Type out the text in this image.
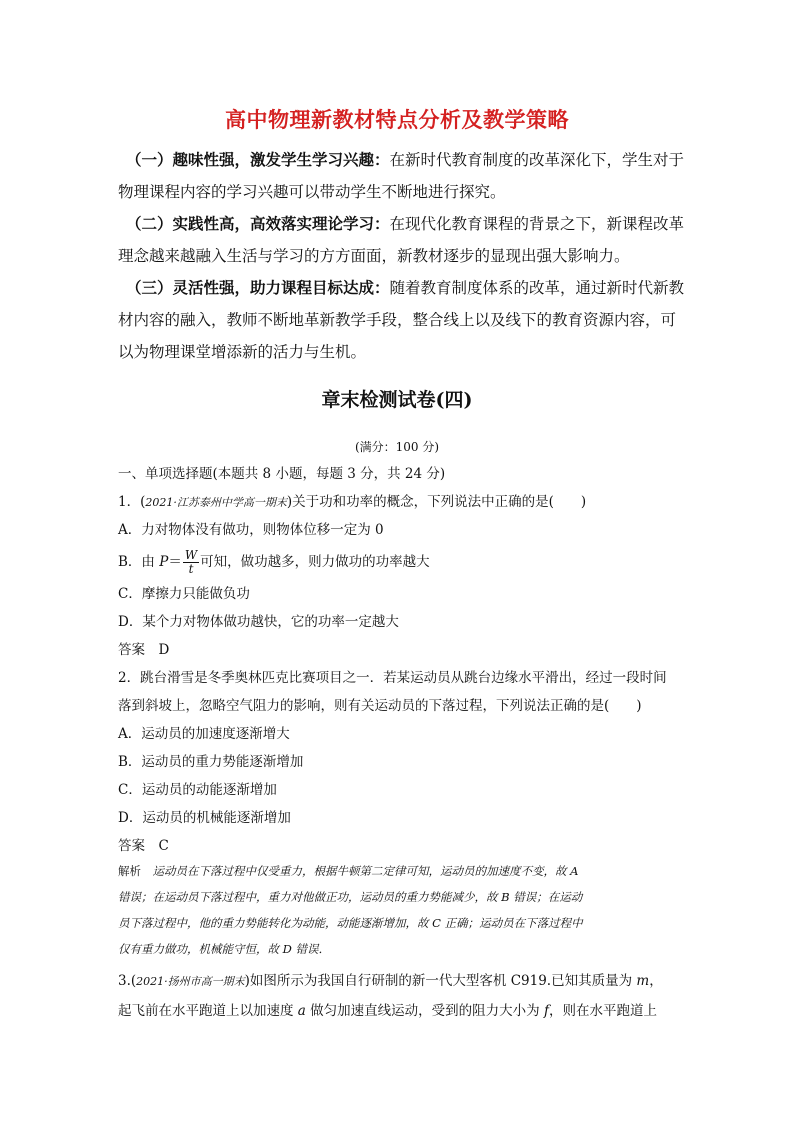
高中物理新教材特点分析及教学策略
（一）趣味性强，激发学生学习兴趣：在新时代教育制度的改革深化下，学生对于物理课程内容的学习兴趣可以带动学生不断地进行探究。
（二）实践性高，高效落实理论学习：在现代化教育课程的背景之下，新课程改革理念越来越融入生活与学习的方方面面，新教材逐步的显现出强大影响力。
（三）灵活性强，助力课程目标达成：随着教育制度体系的改革，通过新时代新教材内容的融入，教师不断地革新教学手段，整合线上以及线下的教育资源内容，可以为物理课堂增添新的活力与生机。
章末检测试卷(四)
(满分：100 分)
一、单项选择题(本题共 8 小题，每题 3 分，共 24 分)
1．(2021·江苏泰州中学高一期末)关于功和功率的概念，下列说法中正确的是(　　)
A．力对物体没有做功，则物体位移一定为 0
B．由 $P= \frac{W}{t}$ 可知，做功越多，则力做功的功率越大
C．摩擦力只能做负功
D．某个力对物体做功越快，它的功率一定越大
答案　D
2．跳台滑雪是冬季奥林匹克比赛项目之一．若某运动员从跳台边缘水平滑出，经过一段时间
落到斜坡上，忽略空气阻力的影响，则有关运动员的下落过程，下列说法正确的是(　　)
A．运动员的加速度逐渐增大
B．运动员的重力势能逐渐增加
C．运动员的动能逐渐增加
D．运动员的机械能逐渐增加
答案　C
解析　运动员在下落过程中仅受重力，根据牛顿第二定律可知，运动员的加速度不变，故 A
错误；在运动员下落过程中，重力对他做正功，运动员的重力势能减少，故 B 错误；在运动
员下落过程中，他的重力势能转化为动能，动能逐渐增加，故 C 正确；运动员在下落过程中
仅有重力做功，机械能守恒，故 D 错误．
3.(2021·扬州市高一期末)如图所示为我国自行研制的新一代大型客机 C919.已知其质量为 m，
起飞前在水平跑道上以加速度 a 做匀加速直线运动，受到的阻力大小为 f，则在水平跑道上
